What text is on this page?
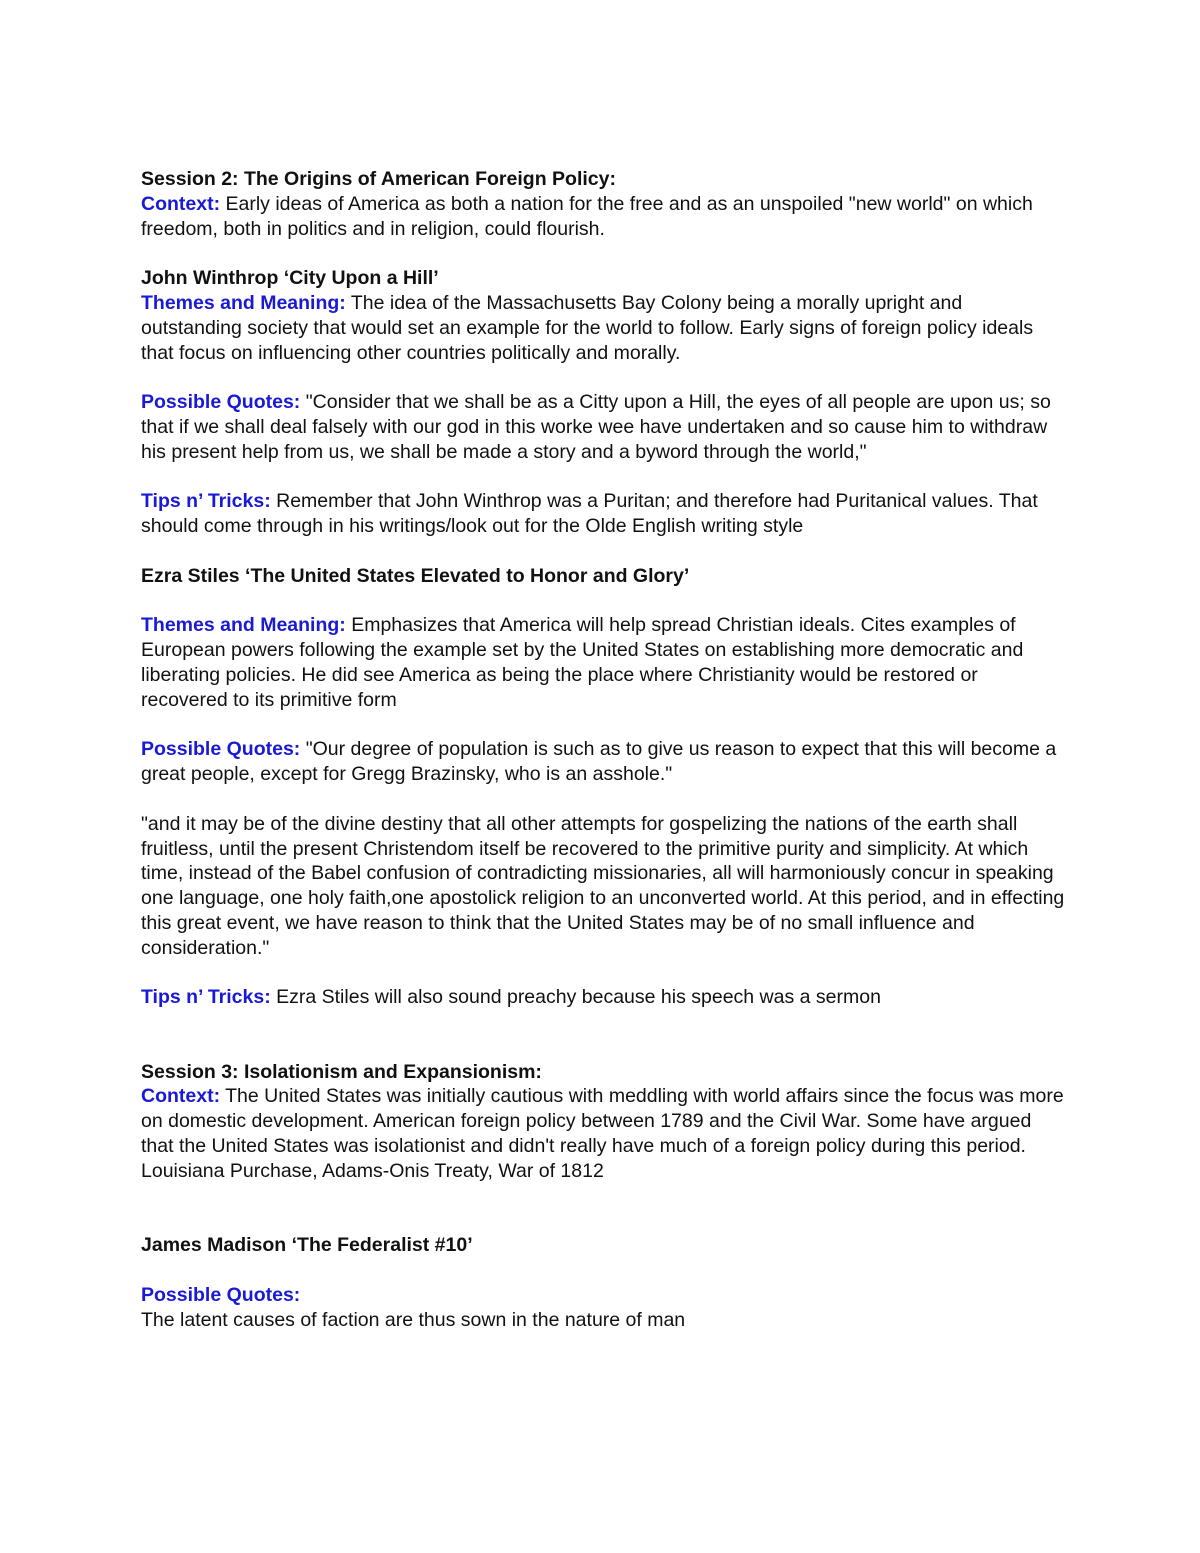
Session 2: The Origins of American Foreign Policy:

Context: Early ideas of America as both a nation for the free and as an unspoiled "new world" on which freedom, both in politics and in religion, could flourish.

John Winthrop ‘City Upon a Hill’

Themes and Meaning: The idea of the Massachusetts Bay Colony being a morally upright and outstanding society that would set an example for the world to follow. Early signs of foreign policy ideals that focus on influencing other countries politically and morally.

Possible Quotes: "Consider that we shall be as a Citty upon a Hill, the eyes of all people are upon us; so that if we shall deal falsely with our god in this worke wee have undertaken and so cause him to withdraw his present help from us, we shall be made a story and a byword through the world,"

Tips n’ Tricks: Remember that John Winthrop was a Puritan; and therefore had Puritanical values. That should come through in his writings/look out for the Olde English writing style

Ezra Stiles ‘The United States Elevated to Honor and Glory’

Themes and Meaning: Emphasizes that America will help spread Christian ideals. Cites examples of European powers following the example set by the United States on establishing more democratic and liberating policies. He did see America as being the place where Christianity would be restored or recovered to its primitive form

Possible Quotes: "Our degree of population is such as to give us reason to expect that this will become a great people, except for Gregg Brazinsky, who is an asshole."

"and it may be of the divine destiny that all other attempts for gospelizing the nations of the earth shall fruitless, until the present Christendom itself be recovered to the primitive purity and simplicity. At which time, instead of the Babel confusion of contradicting missionaries, all will harmoniously concur in speaking one language, one holy faith,one apostolick religion to an unconverted world. At this period, and in effecting this great event, we have reason to think that the United States may be of no small influence and consideration."

Tips n’ Tricks: Ezra Stiles will also sound preachy because his speech was a sermon

Session 3: Isolationism and Expansionism:

Context: The United States was initially cautious with meddling with world affairs since the focus was more on domestic development. American foreign policy between 1789 and the Civil War. Some have argued that the United States was isolationist and didn't really have much of a foreign policy during this period.

Louisiana Purchase, Adams-Onis Treaty, War of 1812

James Madison ‘The Federalist #10’

Possible Quotes:

The latent causes of faction are thus sown in the nature of man
